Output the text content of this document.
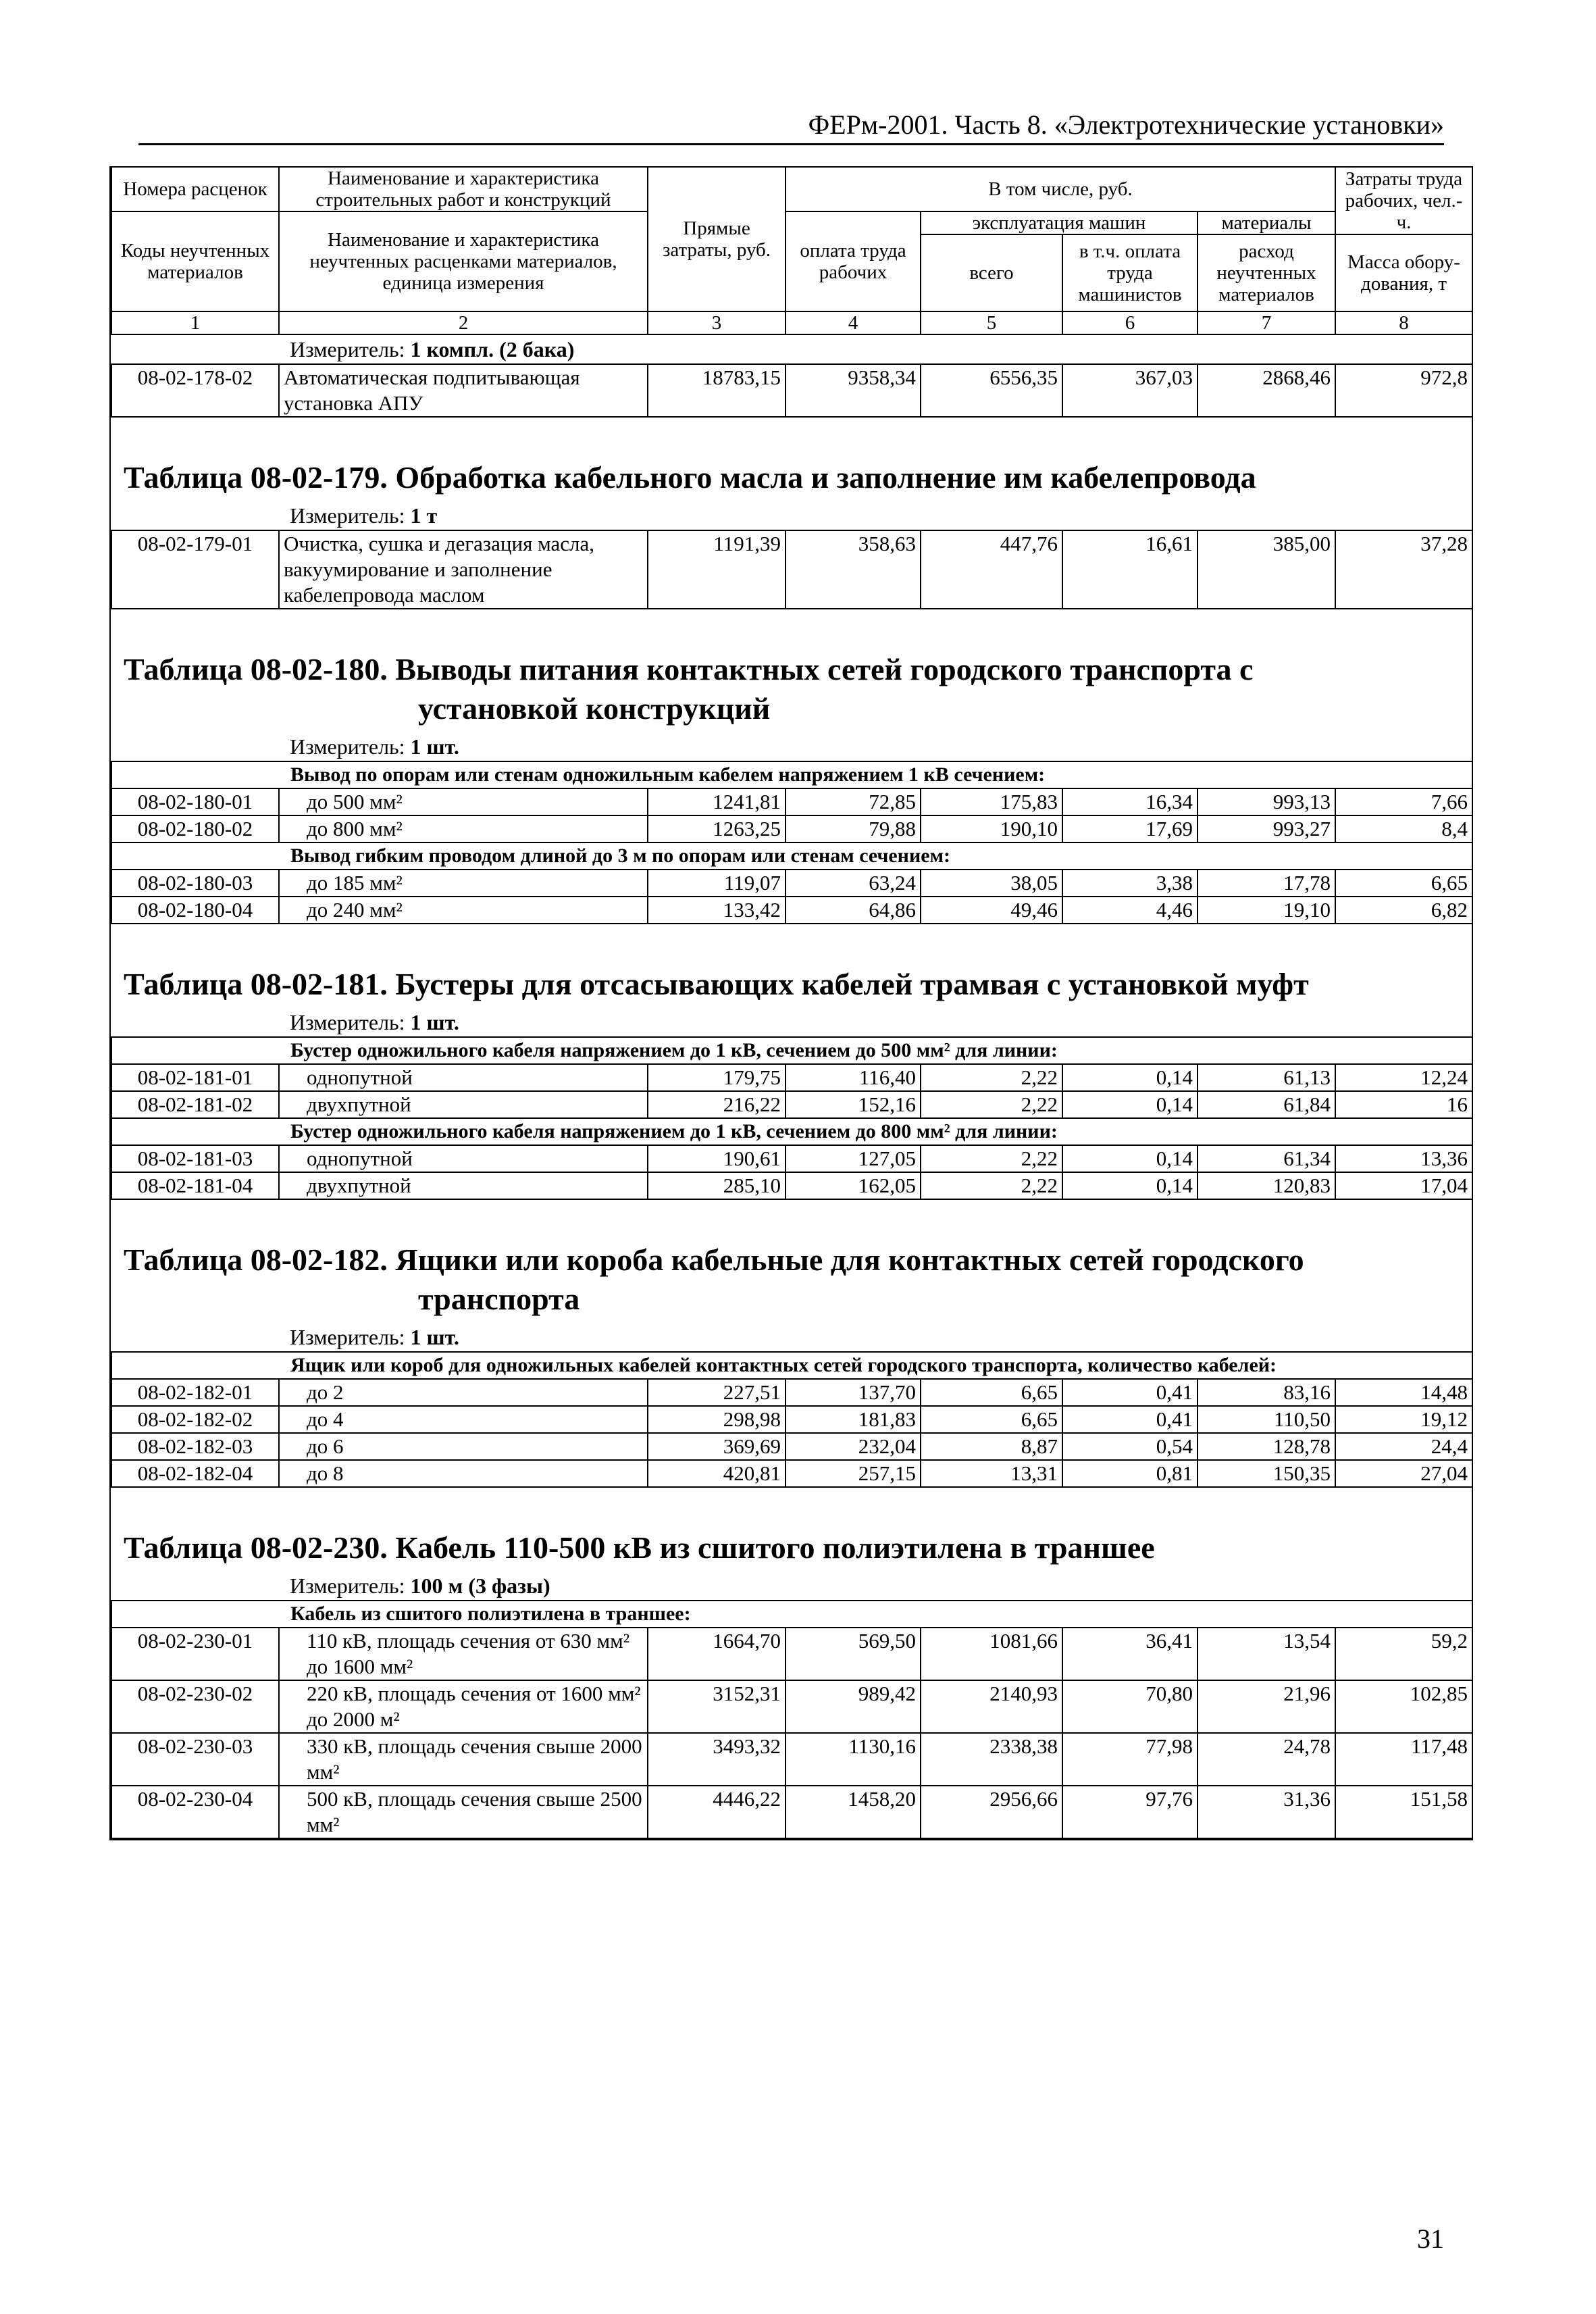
ФЕРм-2001. Часть 8. «Электротехнические установки»
Номера расценок	Наименование и характеристика строительных работ и конструкций	Прямые затраты, руб.	В том числе, руб.				Затраты труда рабочих, чел.-ч.
Коды неучтенных материалов	Наименование и характеристика неучтенных расценками материалов, единица измерения		оплата труда рабочих	эксплуатация машин		материалы	
				всего	в т.ч. оплата труда машинистов	расход неучтенных материалов	Масса обору-дования, т
1	2	3	4	5	6	7	8
Измеритель: 1 компл. (2 бака)							
08-02-178-02	Автоматическая подпитывающая установка АПУ	18783,15	9358,34	6556,35	367,03	2868,46	972,8

Таблица 08-02-179. Обработка кабельного масла и заполнение им кабелепровода							
Измеритель: 1 т							
08-02-179-01	Очистка, сушка и дегазация масла, вакуумирование и заполнение кабелепровода маслом	1191,39	358,63	447,76	16,61	385,00	37,28

Таблица 08-02-180. Выводы питания контактных сетей городского транспорта с
установкой конструкций							

Измеритель: 1 шт.							
Вывод по опорам или стенам одножильным кабелем напряжением 1 кВ сечением:							
08-02-180-01	до 500 мм²	1241,81	72,85	175,83	16,34	993,13	7,66
08-02-180-02	до 800 мм²	1263,25	79,88	190,10	17,69	993,27	8,4
Вывод гибким проводом длиной до 3 м по опорам или стенам сечением:							
08-02-180-03	до 185 мм²	119,07	63,24	38,05	3,38	17,78	6,65
08-02-180-04	до 240 мм²	133,42	64,86	49,46	4,46	19,10	6,82

Таблица 08-02-181. Бустеры для отсасывающих кабелей трамвая с установкой муфт							
Измеритель: 1 шт.							
Бустер одножильного кабеля напряжением до 1 кВ, сечением до 500 мм² для линии:							
08-02-181-01	однопутной	179,75	116,40	2,22	0,14	61,13	12,24
08-02-181-02	двухпутной	216,22	152,16	2,22	0,14	61,84	16
Бустер одножильного кабеля напряжением до 1 кВ, сечением до 800 мм² для линии:							
08-02-181-03	однопутной	190,61	127,05	2,22	0,14	61,34	13,36
08-02-181-04	двухпутной	285,10	162,05	2,22	0,14	120,83	17,04

Таблица 08-02-182. Ящики или короба кабельные для контактных сетей городского
транспорта							

Измеритель: 1 шт.							
Ящик или короб для одножильных кабелей контактных сетей городского транспорта, количество кабелей:							
08-02-182-01	до 2	227,51	137,70	6,65	0,41	83,16	14,48
08-02-182-02	до 4	298,98	181,83	6,65	0,41	110,50	19,12
08-02-182-03	до 6	369,69	232,04	8,87	0,54	128,78	24,4
08-02-182-04	до 8	420,81	257,15	13,31	0,81	150,35	27,04

Таблица 08-02-230. Кабель 110-500 кВ из сшитого полиэтилена в траншее							
Измеритель: 100 м (3 фазы)							
Кабель из сшитого полиэтилена в траншее:							
08-02-230-01	110 кВ, площадь сечения от 630 мм² до 1600 мм²	1664,70	569,50	1081,66	36,41	13,54	59,2
08-02-230-02	220 кВ, площадь сечения от 1600 мм² до 2000 м²	3152,31	989,42	2140,93	70,80	21,96	102,85
08-02-230-03	330 кВ, площадь сечения свыше 2000 мм²	3493,32	1130,16	2338,38	77,98	24,78	117,48
08-02-230-04	500 кВ, площадь сечения свыше 2500 мм²	4446,22	1458,20	2956,66	97,76	31,36	151,58
31
